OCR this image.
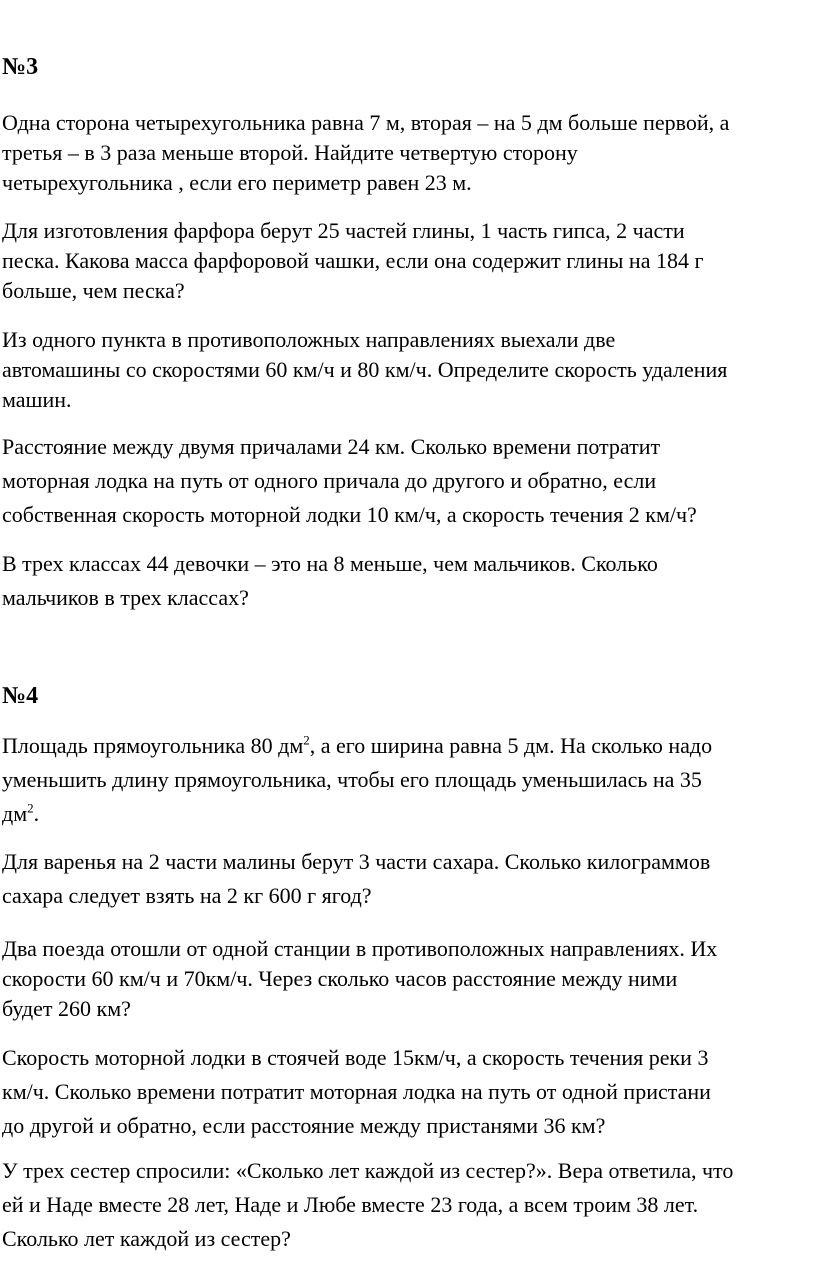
№3

Одна сторона четырехугольника равна 7 м, вторая – на 5 дм больше первой, а
третья – в 3 раза меньше второй. Найдите четвертую сторону
четырехугольника , если его периметр равен 23 м.

Для изготовления фарфора берут 25 частей глины, 1 часть гипса, 2 части
песка. Какова масса фарфоровой чашки, если она содержит глины на 184 г
больше, чем песка?

Из одного пункта в противоположных направлениях выехали две
автомашины со скоростями 60 км/ч и 80 км/ч. Определите скорость удаления
машин.

Расстояние между двумя причалами 24 км. Сколько времени потратит
моторная лодка на путь от одного причала до другого и обратно, если
собственная скорость моторной лодки 10 км/ч, а скорость течения 2 км/ч?

В трех классах 44 девочки – это на 8 меньше, чем мальчиков. Сколько
мальчиков в трех классах?

№4

Площадь прямоугольника 80 $дм^2$, а его ширина равна 5 дм. На сколько надо
уменьшить длину прямоугольника, чтобы его площадь уменьшилась на 35
$дм^2$.

Для варенья на 2 части малины берут 3 части сахара. Сколько килограммов
сахара следует взять на 2 кг 600 г ягод?

Два поезда отошли от одной станции в противоположных направлениях. Их
скорости 60 км/ч и 70км/ч. Через сколько часов расстояние между ними
будет 260 км?

Скорость моторной лодки в стоячей воде 15км/ч, а скорость течения реки 3
км/ч. Сколько времени потратит моторная лодка на путь от одной пристани
до другой и обратно, если расстояние между пристанями 36 км?

У трех сестер спросили: «Сколько лет каждой из сестер?». Вера ответила, что
ей и Наде вместе 28 лет, Наде и Любе вместе 23 года, а всем троим 38 лет.
Сколько лет каждой из сестер?
